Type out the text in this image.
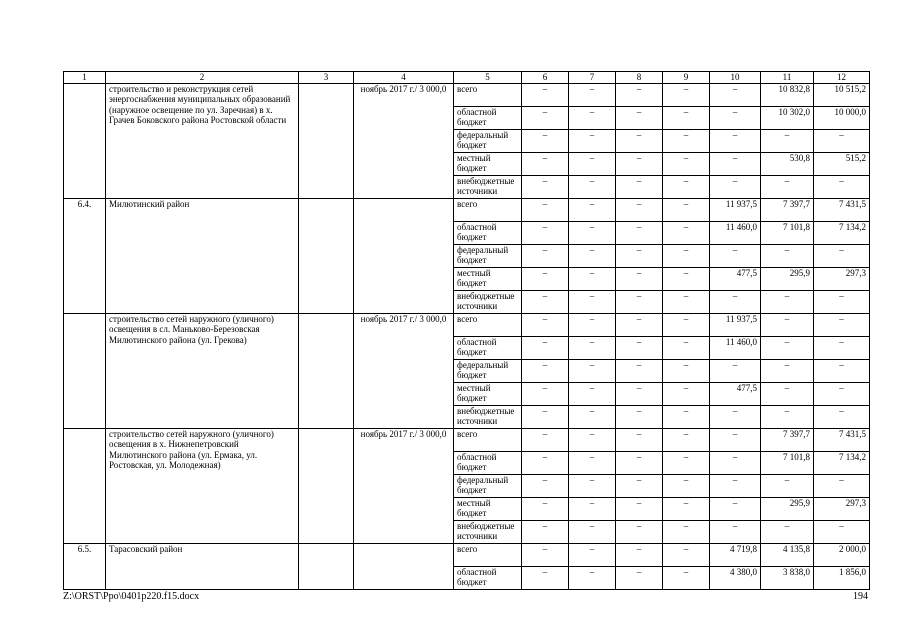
1	2	3	4	5	6	7	8	9	10	11	12
	строительство и реконструкция сетей энергоснабжения муниципальных образований (наружное освещение по ул. Заречная) в х. Грачев Боковского района Ростовской области		ноябрь 2017 г./ 3 000,0	всего	–	–	–	–	–	10 832,8	10 515,2
				областной бюджет	–	–	–	–	–	10 302,0	10 000,0
				федеральный бюджет	–	–	–	–	–	–	–
				местный бюджет	–	–	–	–	–	530,8	515,2
				внебюджетные источники	–	–	–	–	–	–	–
6.4.	Милютинский район			всего	–	–	–	–	11 937,5	7 397,7	7 431,5
				областной бюджет	–	–	–	–	11 460,0	7 101,8	7 134,2
				федеральный бюджет	–	–	–	–	–	–	–
				местный бюджет	–	–	–	–	477,5	295,9	297,3
				внебюджетные источники	–	–	–	–	–	–	–
	строительство сетей наружного (уличного) освещения в сл. Маньково-Березовская Милютинского района (ул. Грекова)		ноябрь 2017 г./ 3 000,0	всего	–	–	–	–	11 937,5	–	–
				областной бюджет	–	–	–	–	11 460,0	–	–
				федеральный бюджет	–	–	–	–	–	–	–
				местный бюджет	–	–	–	–	477,5	–	–
				внебюджетные источники	–	–	–	–	–	–	–
	строительство сетей наружного (уличного) освещения в х. Нижнепетровский Милютинского района (ул. Ермака, ул. Ростовская, ул. Молодежная)		ноябрь 2017 г./ 3 000,0	всего	–	–	–	–	–	7 397,7	7 431,5
				областной бюджет	–	–	–	–	–	7 101,8	7 134,2
				федеральный бюджет	–	–	–	–	–	–	–
				местный бюджет	–	–	–	–	–	295,9	297,3
				внебюджетные источники	–	–	–	–	–	–	–
6.5.	Тарасовский район			всего	–	–	–	–	4 719,8	4 135,8	2 000,0
				областной бюджет	–	–	–	–	4 380,0	3 838,0	1 856,0
Z:\ORST\Ppo\0401p220.f15.docx	194
